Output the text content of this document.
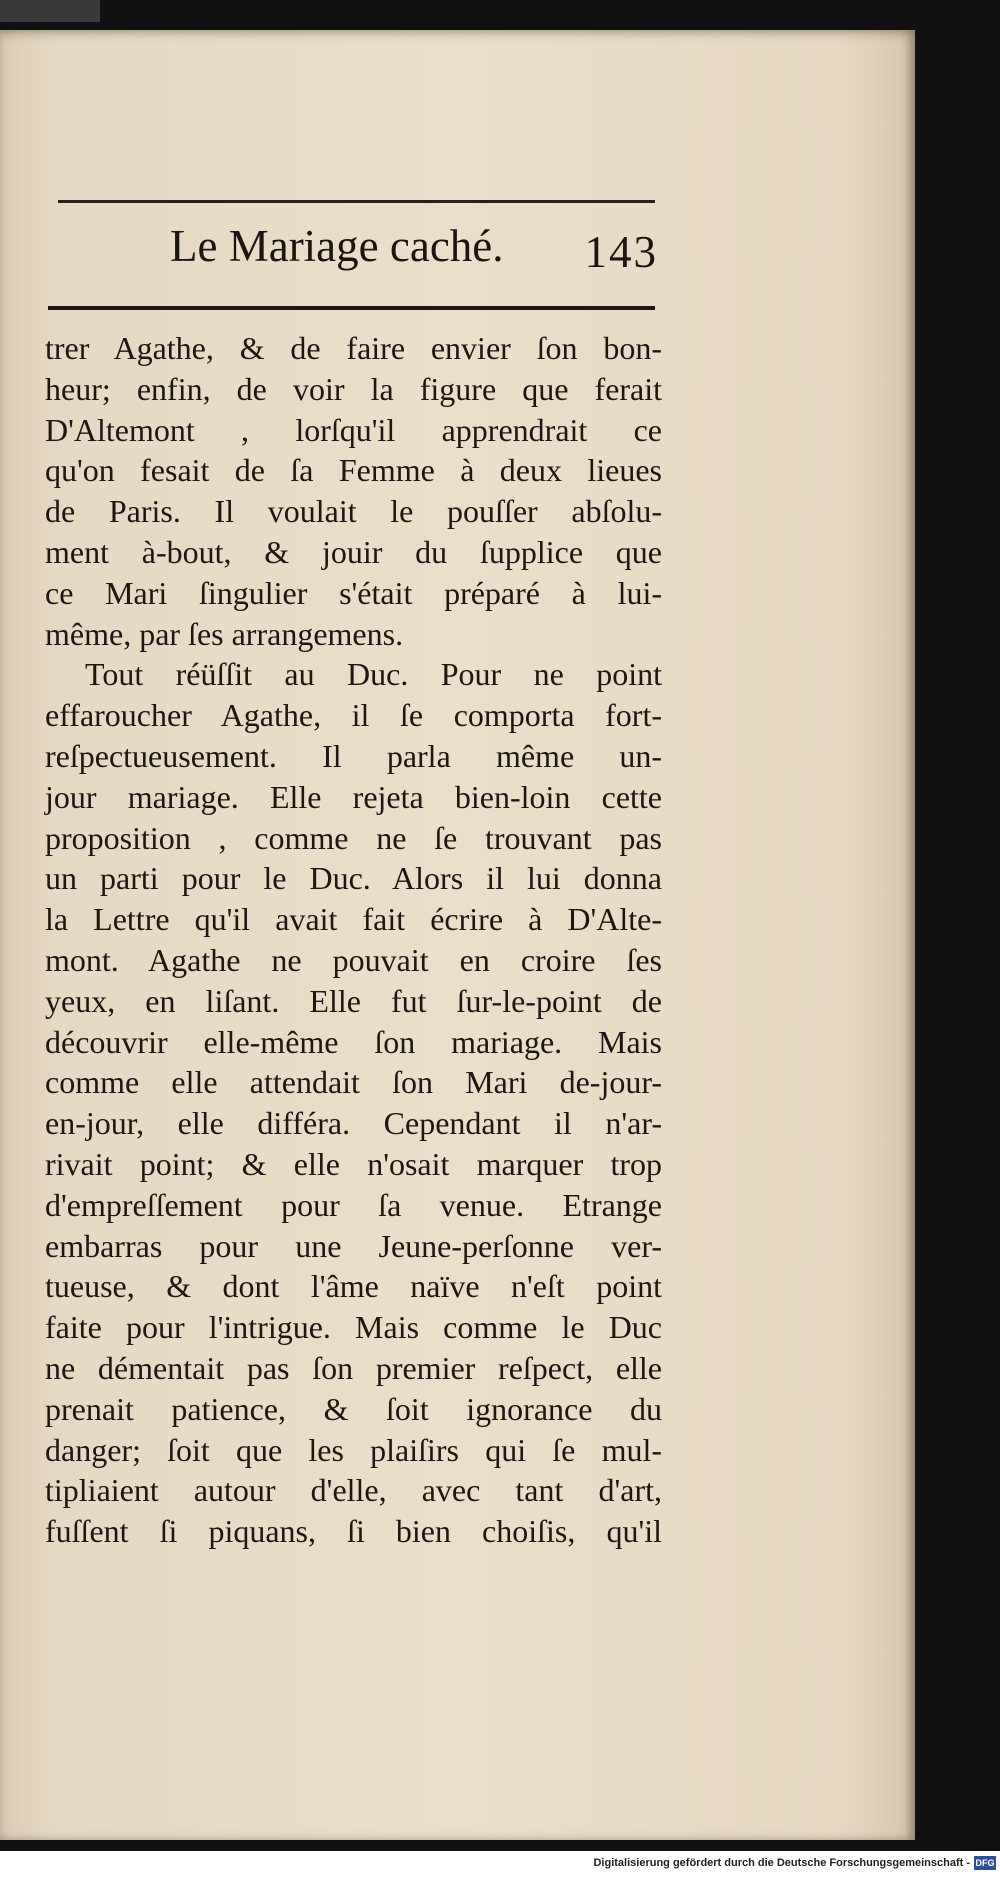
Le Mariage caché. 143
trer Agathe, & de faire envier ſon bon-
heur; enfin, de voir la figure que ferait
D'Altemont , lorſqu'il apprendrait ce
qu'on fesait de ſa Femme à deux lieues
de Paris. Il voulait le pouſſer abſolu-
ment à-bout, & jouir du ſupplice que
ce Mari ſingulier s'était préparé à lui-
même, par ſes arrangemens.
Tout réüſſit au Duc. Pour ne point
effaroucher Agathe, il ſe comporta fort-
reſpectueusement. Il parla même un-
jour mariage. Elle rejeta bien-loin cette
proposition , comme ne ſe trouvant pas
un parti pour le Duc. Alors il lui donna
la Lettre qu'il avait fait écrire à D'Alte-
mont. Agathe ne pouvait en croire ſes
yeux, en liſant. Elle fut ſur-le-point de
découvrir elle-même ſon mariage. Mais
comme elle attendait ſon Mari de-jour-
en-jour, elle différa. Cependant il n'ar-
rivait point; & elle n'osait marquer trop
d'empreſſement pour ſa venue. Etrange
embarras pour une Jeune-perſonne ver-
tueuse, & dont l'âme naïve n'eſt point
faite pour l'intrigue. Mais comme le Duc
ne démentait pas ſon premier reſpect, elle
prenait patience, & ſoit ignorance du
danger; ſoit que les plaiſirs qui ſe mul-
tipliaient autour d'elle, avec tant d'art,
fuſſent ſi piquans, ſi bien choiſis, qu'il
Digitalisierung gefördert durch die Deutsche Forschungsgemeinschaft - DFG
